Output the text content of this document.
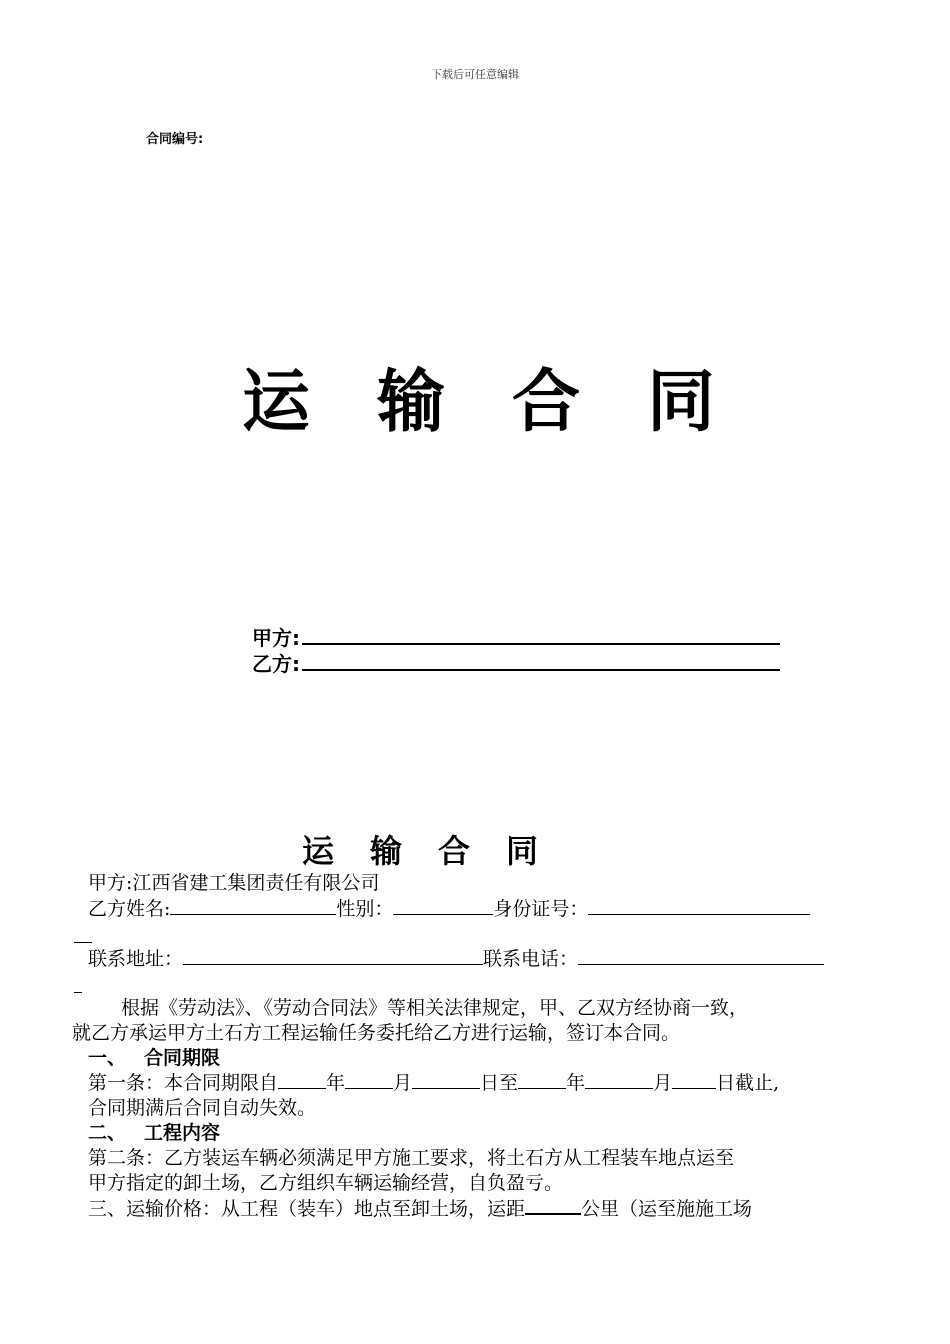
下载后可任意编辑
合同编号:
运 输 合 同
甲方:
乙方:
运 输 合 同
甲方:江西省建工集团责任有限公司
乙方姓名:	性别：	身份证号：
联系地址：	联系电话：
根据《劳动法》、《劳动合同法》等相关法律规定，甲、乙双方经协商一致，
就乙方承运甲方土石方工程运输任务委托给乙方进行运输，签订本合同。
一、 合同期限
第一条：本合同期限自	年	月	日至	年	月 日截止,
合同期满后合同自动失效。
二、 工程内容
第二条：乙方装运车辆必须满足甲方施工要求，将土石方从工程装车地点运至
甲方指定的卸土场，乙方组织车辆运输经营，自负盈亏。
三、运输价格：从工程（装车）地点至卸土场，运距	公里（运至施施工场
